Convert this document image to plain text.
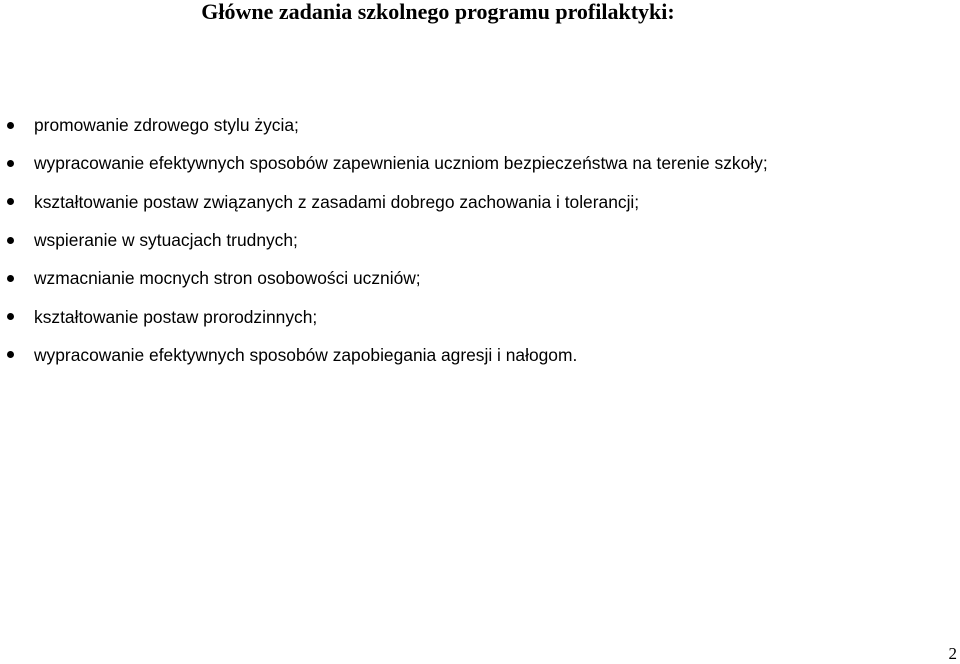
Główne zadania szkolnego programu profilaktyki:
promowanie zdrowego stylu życia;
wypracowanie efektywnych sposobów zapewnienia uczniom bezpieczeństwa na terenie szkoły;
kształtowanie postaw związanych z zasadami dobrego zachowania i tolerancji;
wspieranie w sytuacjach trudnych;
wzmacnianie mocnych stron osobowości uczniów;
kształtowanie postaw prorodzinnych;
wypracowanie efektywnych sposobów zapobiegania agresji i nałogom.
2
